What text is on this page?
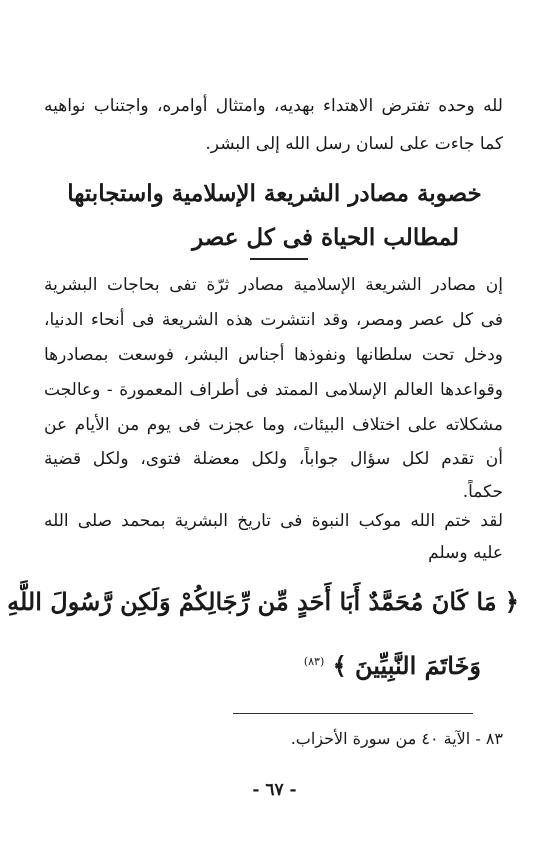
لله وحده تفترض الاهتداء بهديه، وامتثال أوامره، واجتناب نواهيه
كما جاءت على لسان رسل الله إلى البشر.
خصوبة مصادر الشريعة الإسلامية واستجابتها
لمطالب الحياة فى كل عصر
إن مصادر الشريعة الإسلامية مصادر ثرّة تفى بحاجات البشرية
فى كل عصر ومصر، وقد انتشرت هذه الشريعة فى أنحاء الدنيا،
ودخل تحت سلطانها ونفوذها أجناس البشر، فوسعت بمصادرها
وقواعدها العالم الإسلامى الممتد فى أطراف المعمورة - وعالجت
مشكلاته على اختلاف البيئات، وما عجزت فى يوم من الأيام عن
أن تقدم لكل سؤال جواباً، ولكل معضلة فتوى، ولكل قضية
حكماً.
لقد ختم الله موكب النبوة فى تاريخ البشرية بمحمد صلى الله
عليه وسلم
﴿ مَا كَانَ مُحَمَّدٌ أَبَا أَحَدٍ مِّن رِّجَالِكُمْ وَلَكِن رَّسُولَ اللَّهِ
وَخَاتَمَ النَّبِيِّينَ ﴾ $^{(٨٣)}$
٨٣ - الآية ٤٠ من سورة الأحزاب.
- ٦٧ -
